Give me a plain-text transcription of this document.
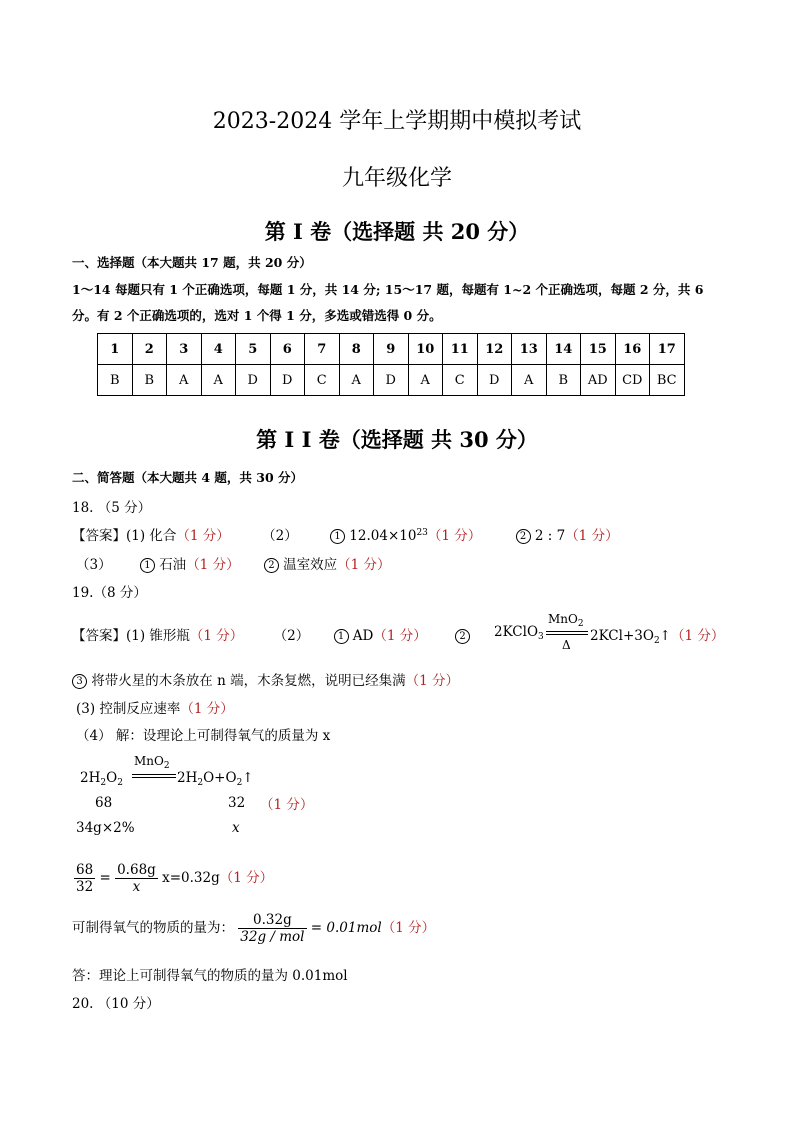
2023-2024 学年上学期期中模拟考试
九年级化学
第 I 卷（选择题 共 20 分）
一、选择题（本大题共 17 题，共 20 分）
1～14 每题只有 1 个正确选项，每题 1 分，共 14 分; 15～17 题，每题有 1~2 个正确选项，每题 2 分，共 6
分。有 2 个正确选项的，选对 1 个得 1 分，多选或错选得 0 分。
1	2	3	4	5	6	7	8	9	10	11	12	13	14	15	16	17
B	B	A	A	D	D	C	A	D	A	C	D	A	B	AD	CD	BC
第 I I 卷（选择题 共 30 分）
二、简答题（本大题共 4 题，共 30 分）
18. （5 分）
【答案】(1) 化合（1 分） （2）	1 $12.04\times 10^{23}(1$ 分）	2 2 : 7（1 分）
（3）	1 石油（1 分）	2 温室效应（1 分）
19.（8 分）
【答案】(1) 锥形瓶（1 分） （2）	1 AD（1 分）	2	2KClO$_3$
MnO$_2$
Δ
$2KCl+3O_2↑(1$ 分）
3 将带火星的木条放在 n 端，木条复燃，说明已经集满（1 分）
(3) 控制反应速率（1 分）
（4） 解：设理论上可制得氧气的质量为 x
MnO$_2$
$2H_2O_2$	$2H_2O+O_2↑$
68	32 （1 分）
34g×2%	x
$\frac{68}{32} = \frac{0.68g}{x} x=0.32g(1$ 分）
可制得氧气的物质的量为： $\frac{0.32g}{\text{32g / mol}} = 0.01mol(1$ 分）
答：理论上可制得氧气的物质的量为 0.01mol
20. （10 分）
